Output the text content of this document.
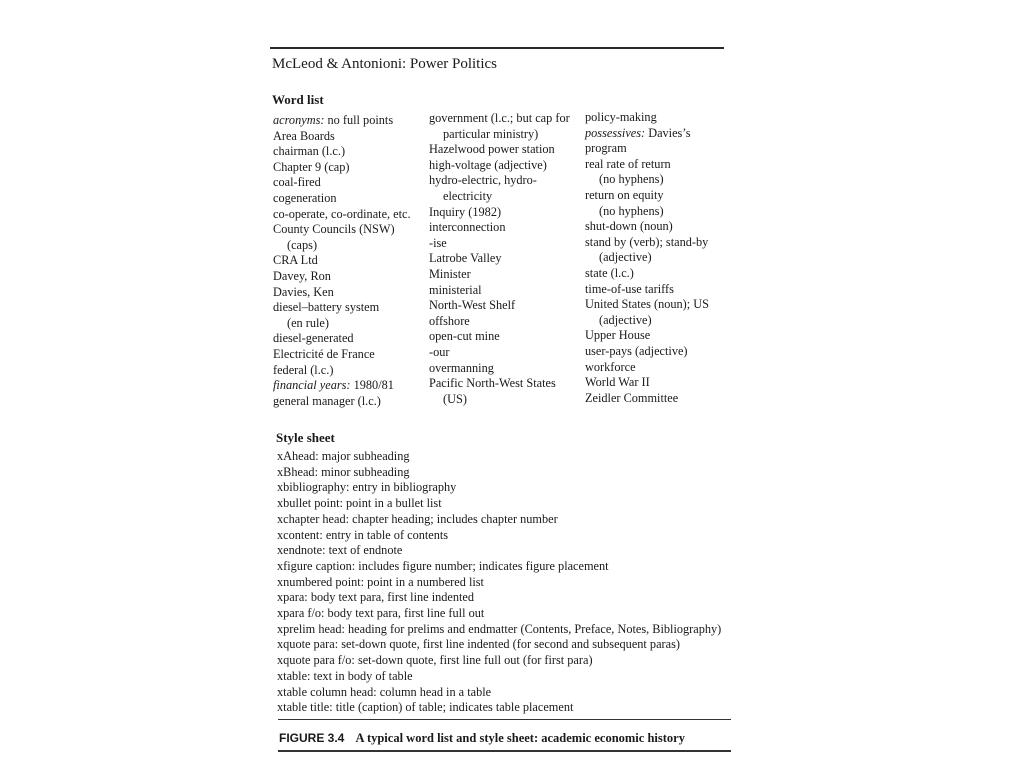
McLeod & Antonioni: Power Politics
Word list
acronyms: no full points
Area Boards
chairman (l.c.)
Chapter 9 (cap)
coal-fired
cogeneration
co-operate, co-ordinate, etc.
County Councils (NSW)
(caps)
CRA Ltd
Davey, Ron
Davies, Ken
diesel–battery system
(en rule)
diesel-generated
Electricité de France
federal (l.c.)
financial years: 1980/81
general manager (l.c.)
government (l.c.; but cap for
particular ministry)
Hazelwood power station
high-voltage (adjective)
hydro-electric, hydro-
electricity
Inquiry (1982)
interconnection
-ise
Latrobe Valley
Minister
ministerial
North-West Shelf
offshore
open-cut mine
-our
overmanning
Pacific North-West States
(US)
policy-making
possessives: Davies’s
program
real rate of return
(no hyphens)
return on equity
(no hyphens)
shut-down (noun)
stand by (verb); stand-by
(adjective)
state (l.c.)
time-of-use tariffs
United States (noun); US
(adjective)
Upper House
user-pays (adjective)
workforce
World War II
Zeidler Committee
Style sheet
xAhead: major subheading
xBhead: minor subheading
xbibliography: entry in bibliography
xbullet point: point in a bullet list
xchapter head: chapter heading; includes chapter number
xcontent: entry in table of contents
xendnote: text of endnote
xfigure caption: includes figure number; indicates figure placement
xnumbered point: point in a numbered list
xpara: body text para, first line indented
xpara f/o: body text para, first line full out
xprelim head: heading for prelims and endmatter (Contents, Preface, Notes, Bibliography)
xquote para: set-down quote, first line indented (for second and subsequent paras)
xquote para f/o: set-down quote, first line full out (for first para)
xtable: text in body of table
xtable column head: column head in a table
xtable title: title (caption) of table; indicates table placement
FIGURE 3.4 A typical word list and style sheet: academic economic history
